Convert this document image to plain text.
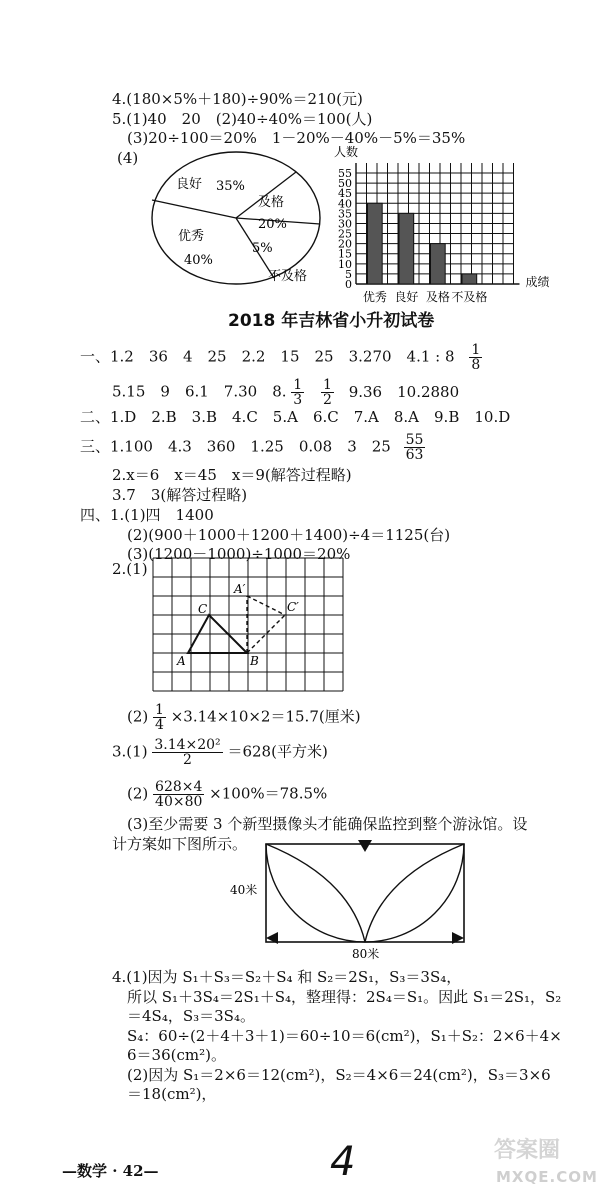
4.(180×5%＋180)÷90%＝210(元)
5.(1)40　20　(2)40÷40%＝100(人)
(3)20÷100＝20%　1－20%－40%－5%＝35%
(4)
良好 35%
及格
20%
优秀
40%
5%
不及格
0
5
10
15
20
25
30
35
40
45
50
55
人数
成绩
优秀 良好 及格 不及格
2018 年吉林省小升初试卷
一、1.2　36　4　25　2.2　15　25　3.270　4.1 : $8 \frac{1}{8}$
5.15　9　6.1　7.30　8. $\frac{1}{3}$
$\frac{1}{2} 9.36$　10.2880
二、1.D　2.B　3.B　4.C　5.A　6.C　7.A　8.A　9.B　10.D
三、1.100　4.3　360　1.25　0.08　3　$25 \frac{55}{63}$
2.x＝6　x＝45　x＝9(解答过程略)
3.7　3(解答过程略)
四、1.(1)四　1400
(2)(900＋1000＋1200＋1400)÷4＝1125(台)
(3)(1200－1000)÷1000＝20%
2.(1)
A	B
C
A′
C′
$(2) \frac{1}{4} \times 3.14\times 10\times 2=15.7$(厘米)
$3.(1) \frac{\text{3.14×20²}}{2} =628$(平方米)
$(2) \frac{628\times 4}{40\times 80} \times 100\%=78.5\%$
(3)至少需要 3 个新型摄像头才能确保监控到整个游泳馆。设
计方案如下图所示。
40米
80米
4.(1)因为 S₁＋S₃＝S₂＋S₄ 和 S₂＝2S₁，S₃＝3S₄，
所以 S₁＋3S₄＝2S₁＋S₄，整理得：2S₄＝S₁。因此 S₁＝2S₁，S₂
＝4S₄，S₃＝3S₄。
S₄：60÷(2＋4＋3＋1)＝60÷10＝6(cm²)，S₁＋S₂：2×6＋4×
6＝36(cm²)。
(2)因为 S₁＝2×6＝12(cm²)，S₂＝4×6＝24(cm²)，S₃＝3×6
＝18(cm²)，
—数学 · 42—	4	答案圈
MXQE.COM
